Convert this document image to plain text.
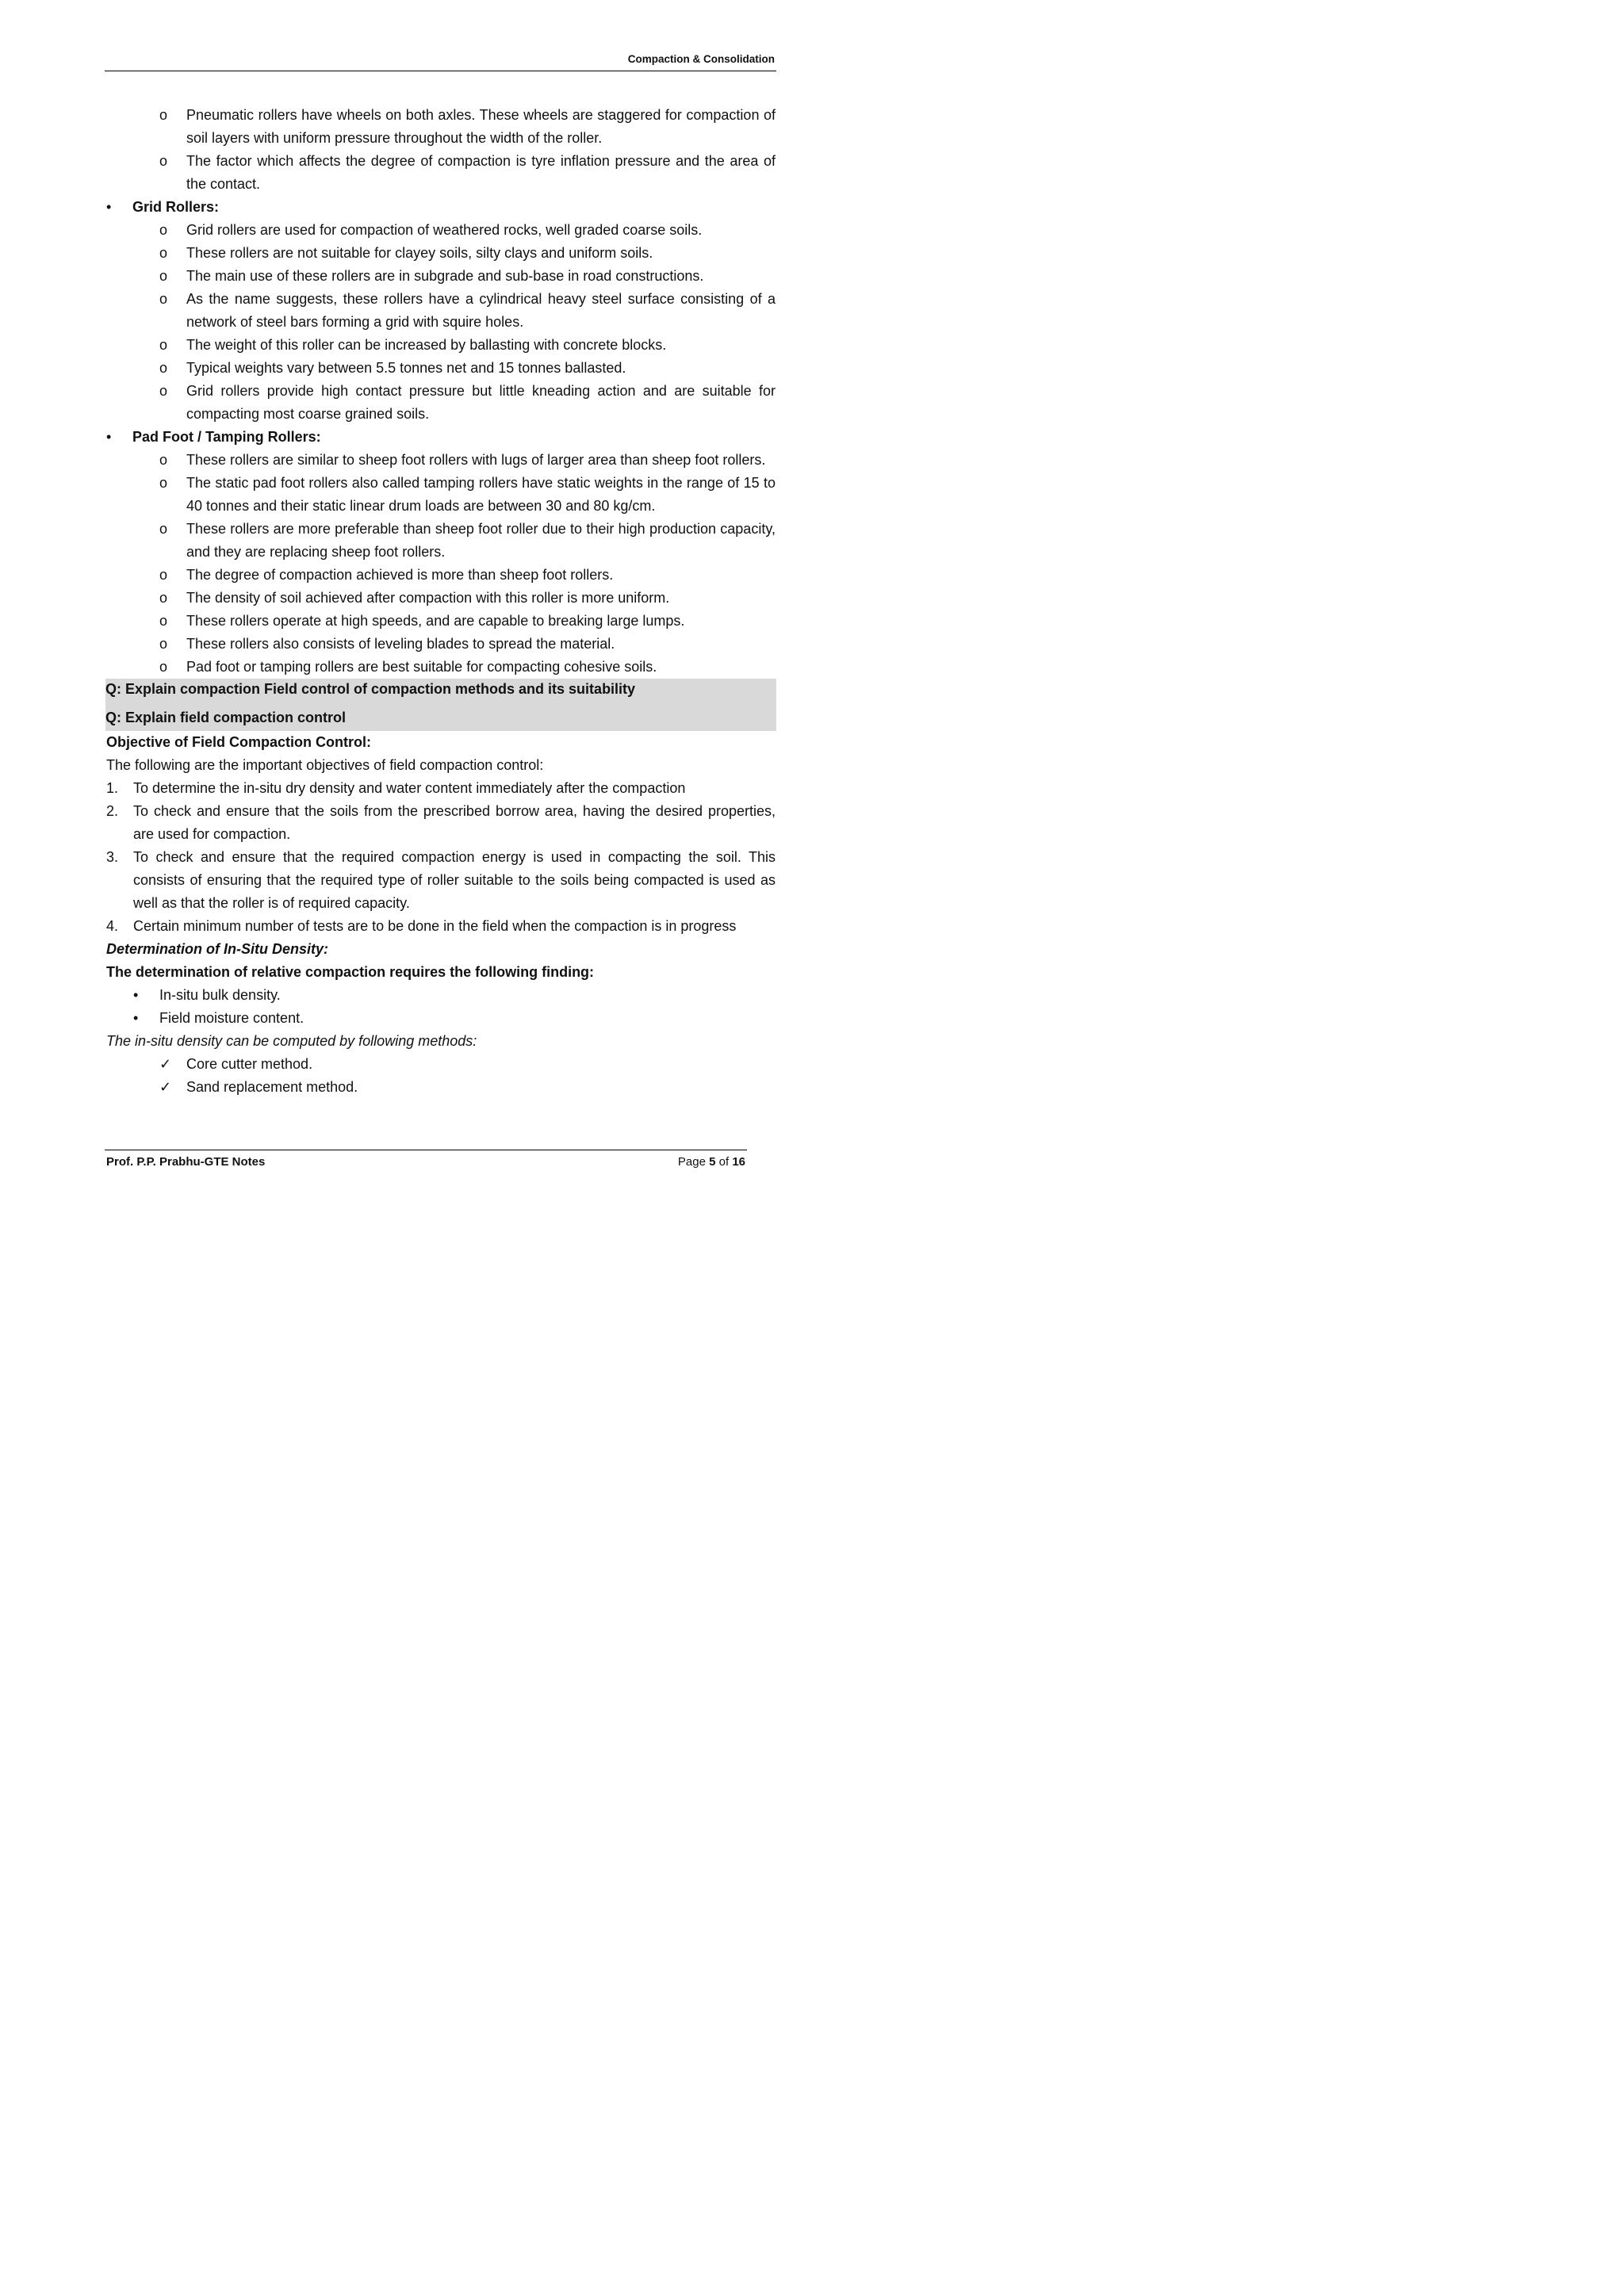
Compaction & Consolidation
o	Pneumatic rollers have wheels on both axles. These wheels are staggered for compaction of soil layers with uniform pressure throughout the width of the roller.
o	The factor which affects the degree of compaction is tyre inflation pressure and the area of the contact.
•	Grid Rollers:
o	Grid rollers are used for compaction of weathered rocks, well graded coarse soils.
o	These rollers are not suitable for clayey soils, silty clays and uniform soils.
o	The main use of these rollers are in subgrade and sub-base in road constructions.
o	As the name suggests, these rollers have a cylindrical heavy steel surface consisting of a network of steel bars forming a grid with squire holes.
o	The weight of this roller can be increased by ballasting with concrete blocks.
o	Typical weights vary between 5.5 tonnes net and 15 tonnes ballasted.
o	Grid rollers provide high contact pressure but little kneading action and are suitable for compacting most coarse grained soils.
•	Pad Foot / Tamping Rollers:
o	These rollers are similar to sheep foot rollers with lugs of larger area than sheep foot rollers.
o	The static pad foot rollers also called tamping rollers have static weights in the range of 15 to 40 tonnes and their static linear drum loads are between 30 and 80 kg/cm.
o	These rollers are more preferable than sheep foot roller due to their high production capacity, and they are replacing sheep foot rollers.
o	The degree of compaction achieved is more than sheep foot rollers.
o	The density of soil achieved after compaction with this roller is more uniform.
o	These rollers operate at high speeds, and are capable to breaking large lumps.
o	These rollers also consists of leveling blades to spread the material.
o	Pad foot or tamping rollers are best suitable for compacting cohesive soils.
Q: Explain compaction Field control of compaction methods and its suitability
Q: Explain field compaction control
Objective of Field Compaction Control:
The following are the important objectives of field compaction control:
1.	To determine the in-situ dry density and water content immediately after the compaction
2.	To check and ensure that the soils from the prescribed borrow area, having the desired properties, are used for compaction.
3.	To check and ensure that the required compaction energy is used in compacting the soil. This consists of ensuring that the required type of roller suitable to the soils being compacted is used as well as that the roller is of required capacity.
4.	Certain minimum number of tests are to be done in the field when the compaction is in progress
Determination of In-Situ Density:
The determination of relative compaction requires the following finding:
•	In-situ bulk density.
•	Field moisture content.
The in-situ density can be computed by following methods:
✓	Core cutter method.
✓	Sand replacement method.
Prof. P.P. Prabhu-GTE Notes	Page 5 of 16
